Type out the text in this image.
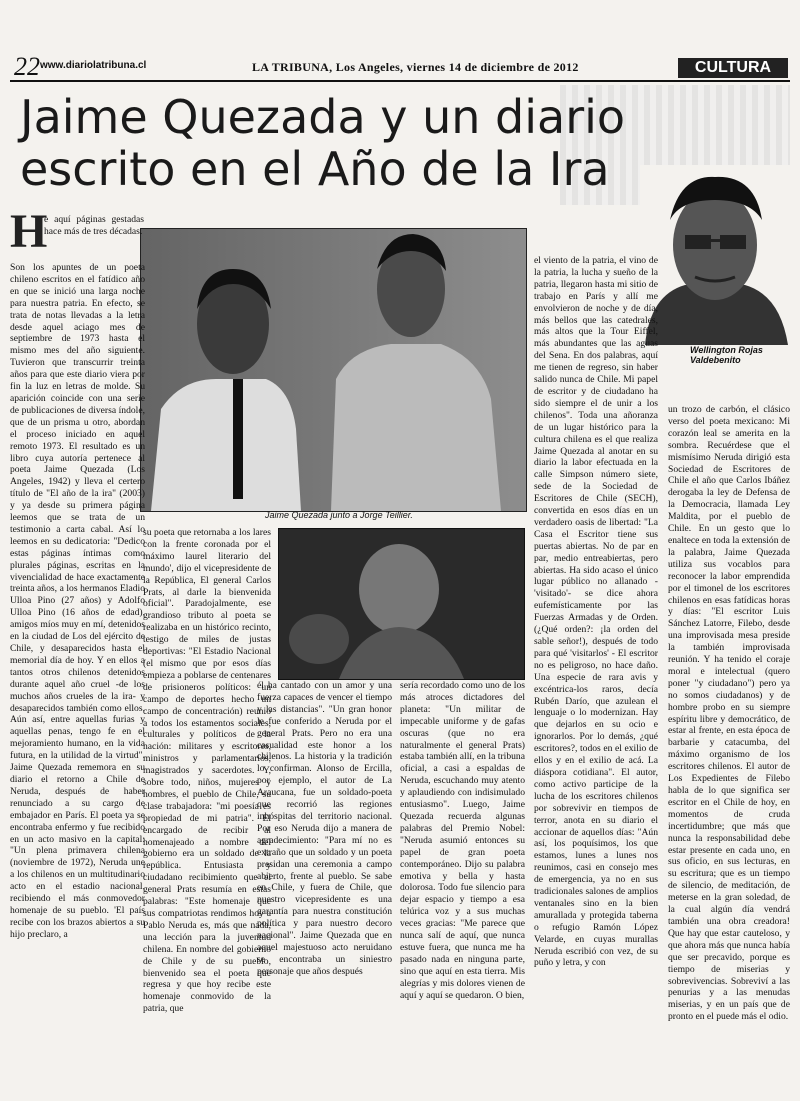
22 www.diariolatribuna.cl	LA TRIBUNA, Los Angeles, viernes 14 de diciembre de 2012	CULTURA
Jaime Quezada y un diario
escrito en el Año de la Ira
Wellington Rojas
Valdebenito
Jaime Quezada junto a Jorge Teillier.
H
e aquí páginas gestadas hace más de tres décadas.
Son los apuntes de un poeta chileno escritos en el fatídico año en que se inició una larga noche para nuestra patria. En efecto, se trata de notas llevadas a la letra desde aquel aciago mes de septiembre de 1973 hasta el mismo mes del año siguiente. Tuvieron que transcurrir treinta años para que este diario viera por fin la luz en letras de molde. Su aparición coincide con una serie de publicaciones de diversa índole, que de un prisma u otro, abordan el proceso iniciado en aquel remoto 1973. El resultado es un libro cuya autoría pertenece al poeta Jaime Quezada (Los Angeles, 1942) y lleva el certero título de "El año de la ira" (2003) y ya desde su primera página leemos que se trata de un testimonio a carta cabal. Así lo leemos en su dedicatoria: "Dedico estas páginas íntimas como plurales páginas, escritas en la vivencialidad de hace exactamente treinta años, a los hermanos Eladio Ulloa Pino (27 años) y Adolfo Ulloa Pino (16 años de edad), amigos míos muy en mí, detenidos en la ciudad de Los del ejército de Chile, y desaparecidos hasta el memorial día de hoy. Y en ellos a tantos otros chilenos detenidos durante aquel año cruel -de los muchos años crueles de la ira- y desaparecidos también como ellos. Aún así, entre aquellas furias y aquellas penas, tengo fe en el mejoramiento humano, en la vida futura, en la utilidad de la virtud". Jaime Quezada rememora en su diario el retorno a Chile de Neruda, después de haber renunciado a su cargo de embajador en París. El poeta ya se encontraba enfermo y fue recibido en un acto masivo en la capital: "Un plena primavera chilena (noviembre de 1972), Neruda une a los chilenos en un multitudinario acto en el estadio nacional, recibiendo el más conmovedor homenaje de su pueblo. 'El país recibe con los brazos abiertos a su hijo preclaro, a
su poeta que retornaba a los lares con la frente coronada por el máximo laurel literario del mundo', dijo el vicepresidente de la República, El general Carlos Prats, al darle la bienvenida oficial". Paradojalmente, ese grandioso tributo al poeta se realizaba en un histórico recinto, testigo de miles de justas deportivas: "El Estadio Nacional (el mismo que por esos días empieza a poblarse de centenares de prisioneros políticos: un campo de deportes hecho un campo de concentración) reunió a todos los estamentos sociales, culturales y políticos de la nación: militares y escritores, ministros y parlamentarios, magistrados y sacerdotes. Y, sobre todo, niños, mujeres y hombres, el pueblo de Chile, su clase trabajadora: "mi poesía es propiedad de mi patria". El encargado de recibir al homenajeado a nombre del gobierno era un soldado de la república. Entusiasta y ciudadano recibimiento que el general Prats resumía en estas palabras: "Este homenaje que sus compatriotas rendimos hoy a Pablo Neruda es, más que nada, una lección para la juventud chilena. En nombre del gobierno de Chile y de su pueblo, bienvenido sea el poeta que regresa y que hoy recibe este homenaje conmovido de la patria, que
él ha cantado con un amor y una fuerza capaces de vencer el tiempo y las distancias". "Un gran honor le fue conferido a Neruda por el general Prats. Pero no era una casualidad este honor a los chilenos. La historia y la tradición lo confirman. Alonso de Ercilla, por ejemplo, el autor de La Araucana, fue un soldado-poeta que recorrió las regiones inhóspitas del territorio nacional. Por eso Neruda dijo a manera de agradecimiento: "Para mí no es extraño que un soldado y un poeta presidan una ceremonia a campo abierto, frente al pueblo. Se sabe en Chile, y fuera de Chile, que nuestro vicepresidente es una garantía para nuestra constitución política y para nuestro decoro nacional". Jaime Quezada que en aquel majestuoso acto neruidano se encontraba un siniestro personaje que años después
sería recordado como uno de los más atroces dictadores del planeta: "Un militar de impecable uniforme y de gafas oscuras (que no era naturalmente el general Prats) estaba también allí, en la tribuna oficial, a casi a espaldas de Neruda, escuchando muy atento y aplaudiendo con indisimulado entusiasmo". Luego, Jaime Quezada recuerda algunas palabras del Premio Nobel: "Neruda asumió entonces su papel de gran poeta contemporáneo. Dijo su palabra emotiva y bella y hasta dolorosa. Todo fue silencio para dejar espacio y tiempo a esa telúrica voz y a sus muchas veces gracias: "Me parece que nunca salí de aquí, que nunca estuve fuera, que nunca me ha pasado nada en ninguna parte, sino que aquí en esta tierra. Mis alegrías y mis dolores vienen de aquí y aquí se quedaron. O bien,
el viento de la patria, el vino de la patria, la lucha y sueño de la patria, llegaron hasta mi sitio de trabajo en París y allí me envolvieron de noche y de día, más bellos que las catedrales, más altos que la Tour Eiffel, más abundantes que las aguas del Sena. En dos palabras, aquí me tienen de regreso, sin haber salido nunca de Chile. Mi papel de escritor y de ciudadano ha sido siempre el de unir a los chilenos". Toda una añoranza de un lugar histórico para la cultura chilena es el que realiza Jaime Quezada al anotar en su diario la labor efectuada en la calle Simpson número siete, sede de la Sociedad de Escritores de Chile (SECH), convertida en esos días en un verdadero oasis de libertad: "La Casa el Escritor tiene sus puertas abiertas. No de par en par, medio entreabiertas, pero abiertas. Ha sido acaso el único lugar público no allanado -'visitado'- se dice ahora eufemísticamente por las Fuerzas Armadas y de Orden. (¿Qué orden?: ¡la orden del sable señor!), después de todo para qué 'visitarlos' - El escritor no es peligroso, no hace daño. Una especie de rara avis y excéntrica-los raros, decía Rubén Darío, que azulean el lenguaje o lo modernizan. Hay que dejarlos en su ocio e ignorarlos. Por lo demás, ¿qué escritores?, todos en el exilio de ellos y en el exilio de acá. La diáspora cotidiana". El autor, como activo participe de la lucha de los escritores chilenos por sobrevivir en tiempos de terror, anota en su diario el accionar de aquellos días: "Aún así, los poquísimos, los que estamos, lunes a lunes nos reunimos, casi en consejo mes de emergencia, ya no en sus tradicionales salones de amplios ventanales sino en la bien amurallada y protegida taberna o refugio Ramón López Velarde, en cuyas murallas Neruda escribió con vez, de su puño y letra, y con
un trozo de carbón, el clásico verso del poeta mexicano: Mi corazón leal se amerita en la sombra. Recuérdese que el mismísimo Neruda dirigió esta Sociedad de Escritores de Chile el año que Carlos Ibáñez derogaba la ley de Defensa de la Democracia, llamada Ley Maldita, por el pueblo de Chile. En un gesto que lo enaltece en toda la extensión de la palabra, Jaime Quezada utiliza sus vocablos para reconocer la labor emprendida por el timonel de los escritores chilenos en esas fatídicas horas y días: "El escritor Luis Sánchez Latorre, Filebo, desde una improvisada mesa preside la también improvisada reunión. Y ha tenido el coraje moral e intelectual (quero poner "y ciudadano") pero ya no somos ciudadanos) y de hombre probo en su siempre espíritu libre y democrático, de estar al frente, en esta época de barbarie y catacumba, del máximo organismo de los escritores chilenos. El autor de Los Expedientes de Filebo habla de lo que significa ser escritor en el Chile de hoy, en momentos de cruda incertidumbre; que más que nunca la responsabilidad debe estar presente en cada uno, en sus oficio, en sus lecturas, en su escritura; que es un tiempo de silencio, de meditación, de meterse en la gran soledad, de la cual algún día vendrá también una obra creadora! Que hay que estar cauteloso, y que ahora más que nunca había que ser precavido, porque es tiempo de miserias y sobrevivencias. Sobreviví a las penurias y a las menudas miserias, y en un país que de pronto en el puede más el odio.
